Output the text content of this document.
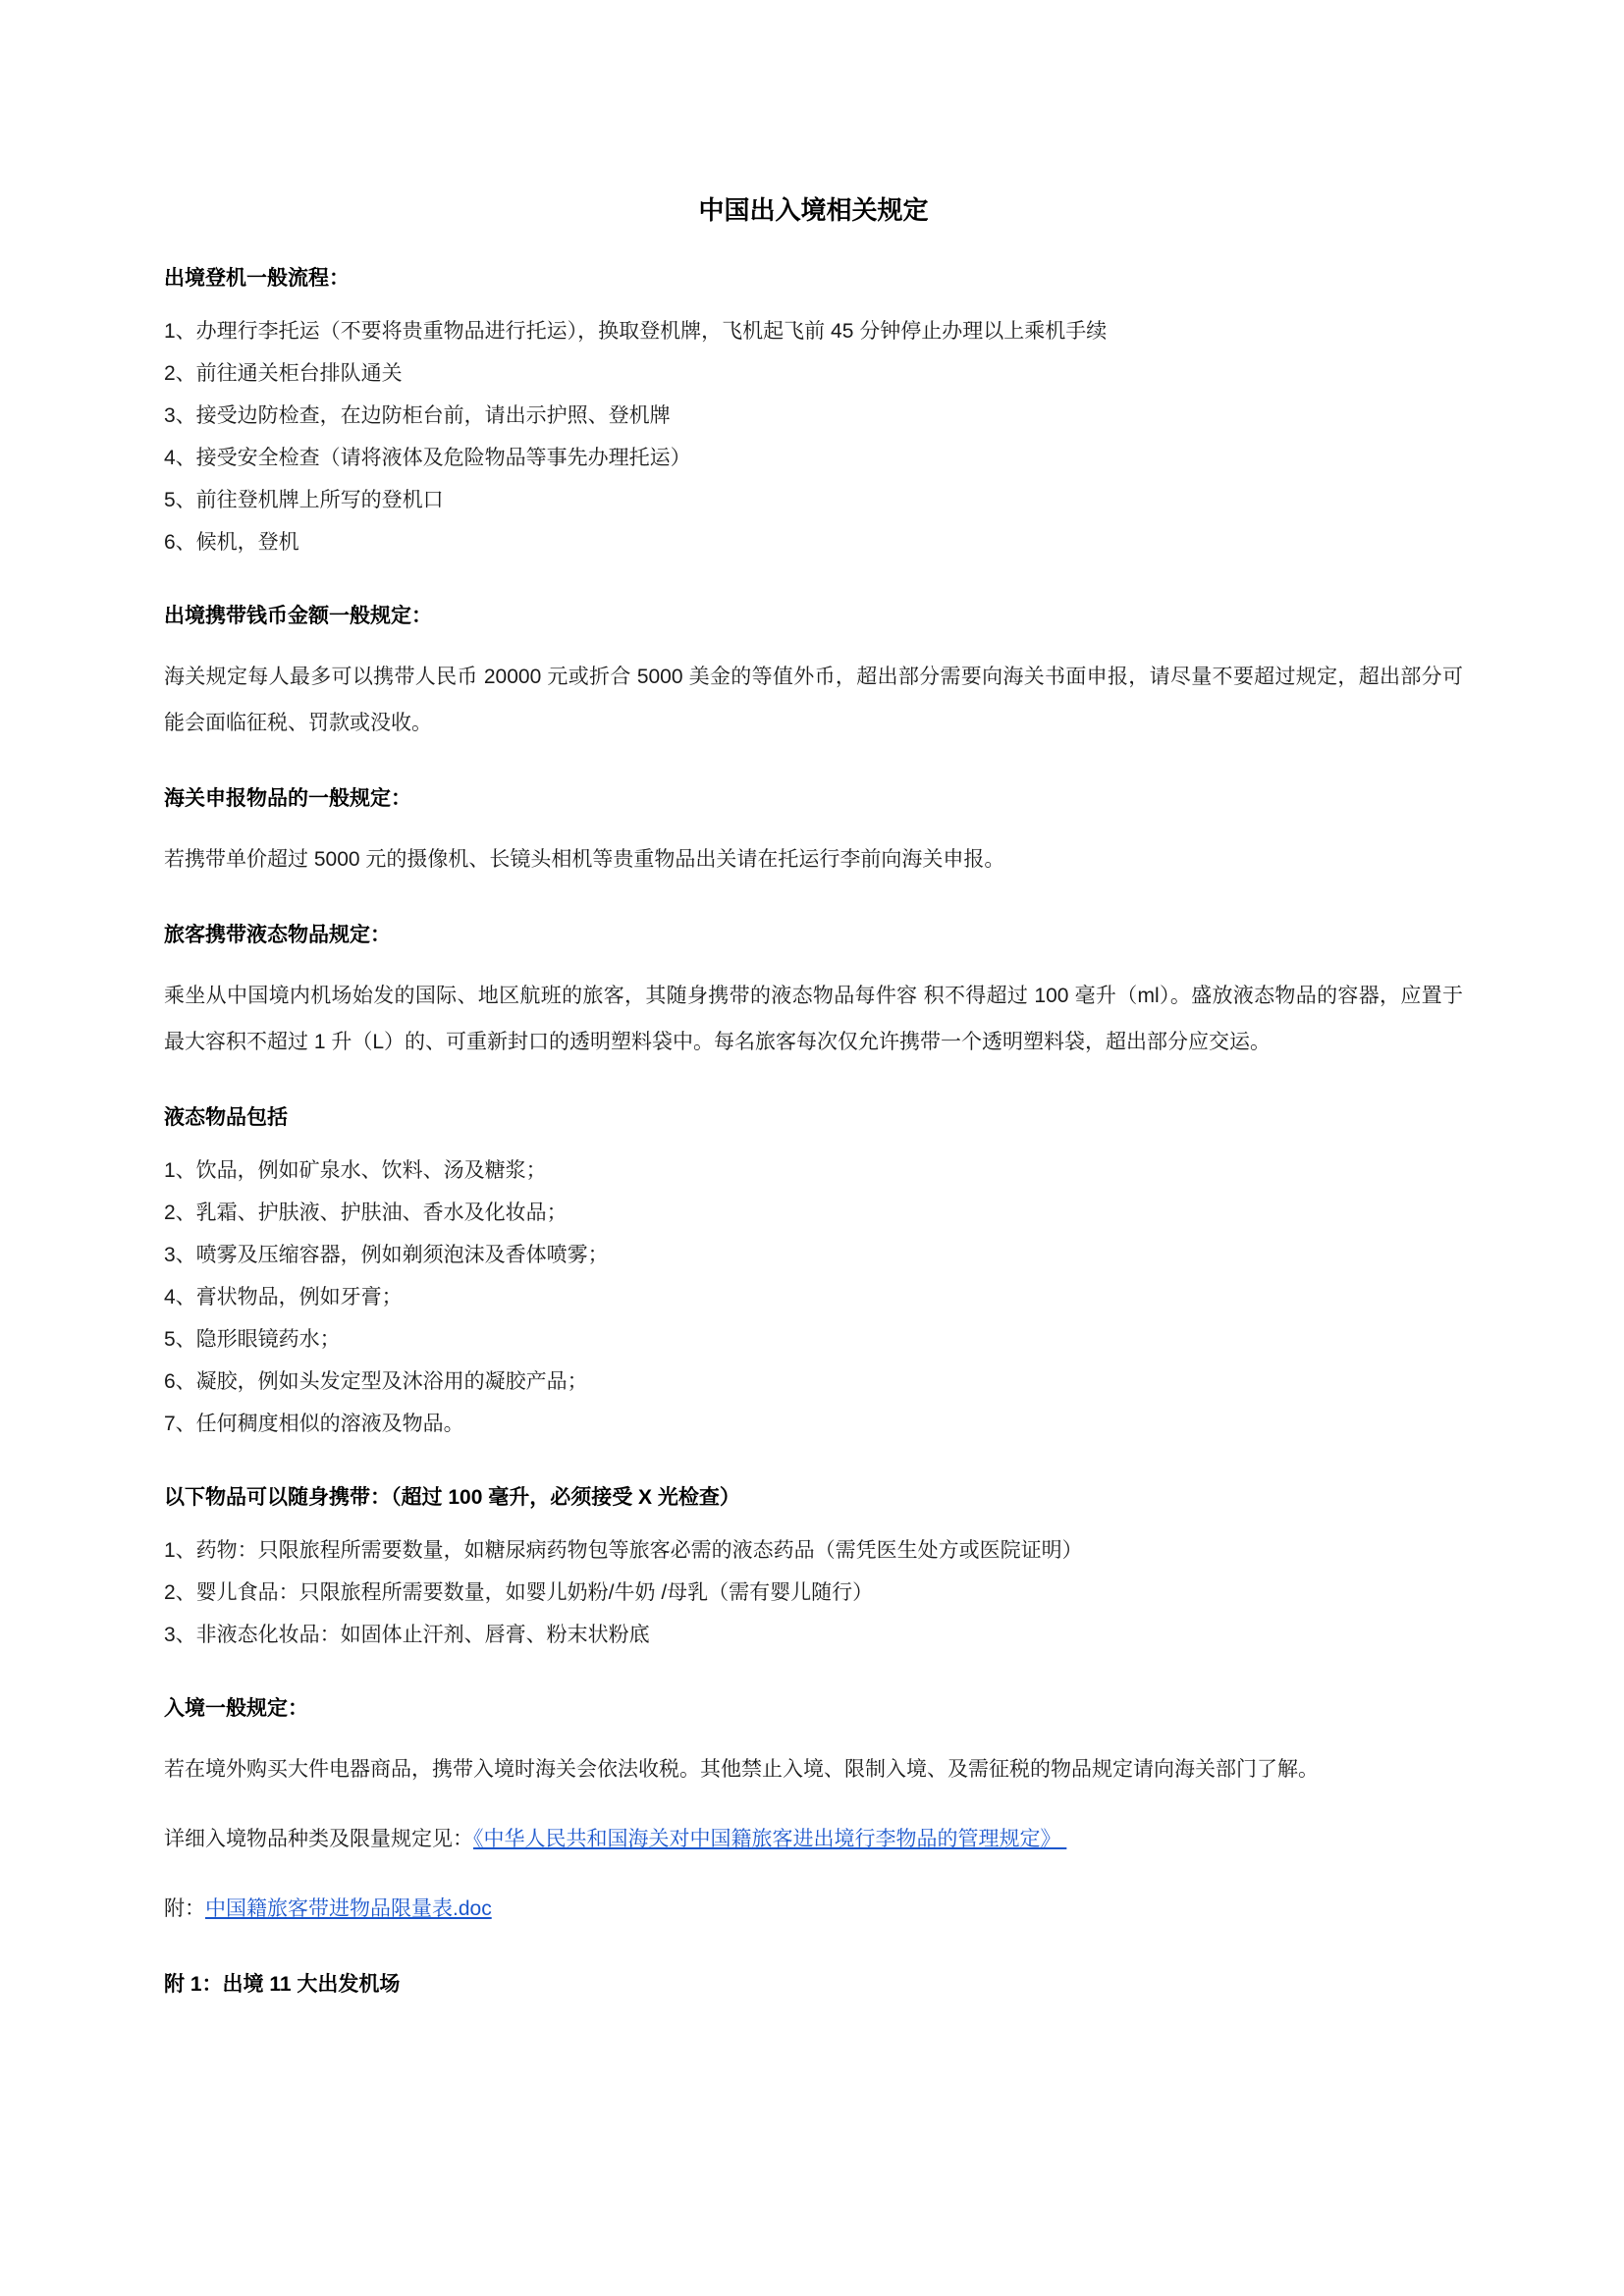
中国出入境相关规定
出境登机一般流程：
1、办理行李托运（不要将贵重物品进行托运），换取登机牌，飞机起飞前 45 分钟停止办理以上乘机手续
2、前往通关柜台排队通关
3、接受边防检查，在边防柜台前，请出示护照、登机牌
4、接受安全检查（请将液体及危险物品等事先办理托运）
5、前往登机牌上所写的登机口
6、候机，登机
出境携带钱币金额一般规定：
海关规定每人最多可以携带人民币 20000 元或折合 5000 美金的等值外币，超出部分需要向海关书面申报，请尽量不要超过规定，超出部分可能会面临征税、罚款或没收。
海关申报物品的一般规定：
若携带单价超过 5000 元的摄像机、长镜头相机等贵重物品出关请在托运行李前向海关申报。
旅客携带液态物品规定：
乘坐从中国境内机场始发的国际、地区航班的旅客，其随身携带的液态物品每件容 积不得超过 100 毫升（ml）。盛放液态物品的容器，应置于最大容积不超过 1 升（L）的、可重新封口的透明塑料袋中。每名旅客每次仅允许携带一个透明塑料袋，超出部分应交运。
液态物品包括
1、饮品，例如矿泉水、饮料、汤及糖浆；
2、乳霜、护肤液、护肤油、香水及化妆品；
3、喷雾及压缩容器，例如剃须泡沫及香体喷雾；
4、膏状物品，例如牙膏；
5、隐形眼镜药水；
6、凝胶，例如头发定型及沐浴用的凝胶产品；
7、任何稠度相似的溶液及物品。
以下物品可以随身携带：（超过 100 毫升，必须接受 X 光检查）
1、药物：只限旅程所需要数量，如糖尿病药物包等旅客必需的液态药品（需凭医生处方或医院证明）
2、婴儿食品：只限旅程所需要数量，如婴儿奶粉/牛奶 /母乳（需有婴儿随行）
3、非液态化妆品：如固体止汗剂、唇膏、粉末状粉底
入境一般规定：
若在境外购买大件电器商品，携带入境时海关会依法收税。其他禁止入境、限制入境、及需征税的物品规定请向海关部门了解。
详细入境物品种类及限量规定见：《中华人民共和国海关对中国籍旅客进出境行李物品的管理规定》
附：中国籍旅客带进物品限量表.doc
附 1：出境 11 大出发机场
